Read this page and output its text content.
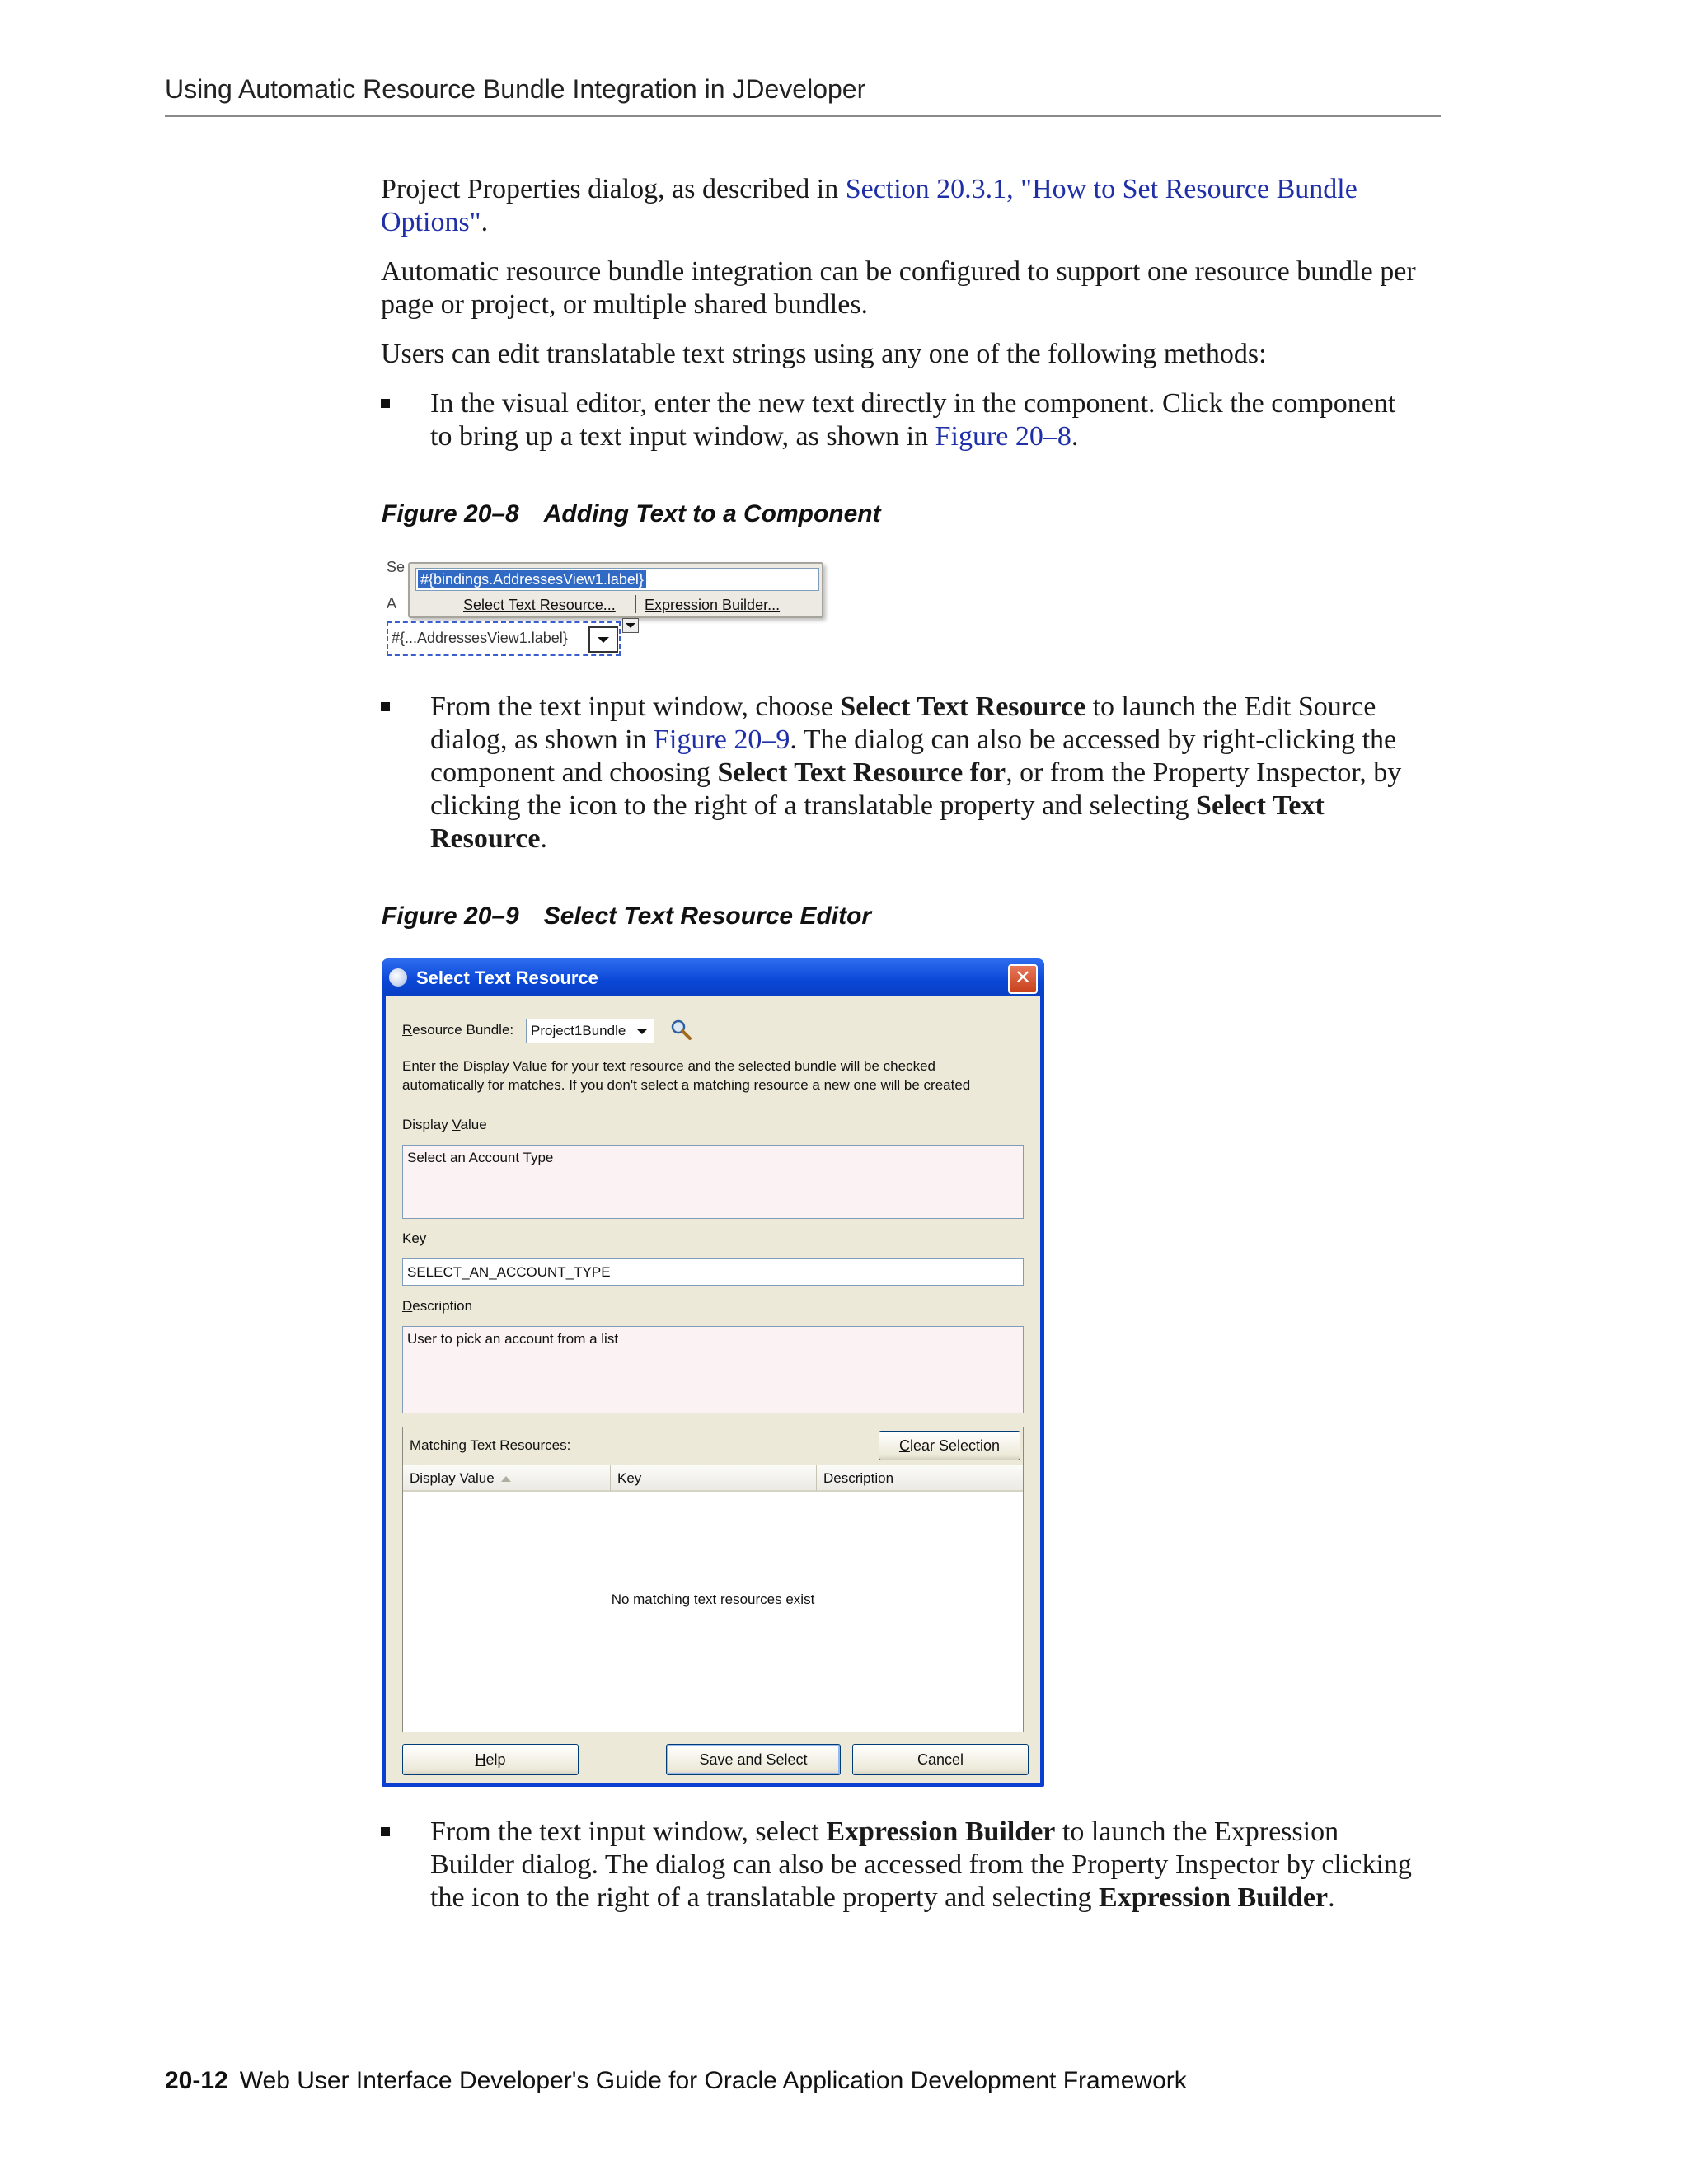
Using Automatic Resource Bundle Integration in JDeveloper

Project Properties dialog, as described in Section 20.3.1, "How to Set Resource Bundle Options".

Automatic resource bundle integration can be configured to support one resource bundle per page or project, or multiple shared bundles.

Users can edit translatable text strings using any one of the following methods:

In the visual editor, enter the new text directly in the component. Click the component to bring up a text input window, as shown in Figure 20–8.
Figure 20–8 Adding Text to a Component
Se
A
#{bindings.AddressesView1.label}
Select Text Resource... Expression Builder...
#{...AddressesView1.label}
From the text input window, choose Select Text Resource to launch the Edit Source dialog, as shown in Figure 20–9. The dialog can also be accessed by right-clicking the component and choosing Select Text Resource for, or from the Property Inspector, by clicking the icon to the right of a translatable property and selecting Select Text Resource.
Figure 20–9 Select Text Resource Editor
Select Text Resource	✕
Resource Bundle: Project1Bundle
Enter the Display Value for your text resource and the selected bundle will be checked
automatically for matches. If you don't select a matching resource a new one will be created
Display Value
Select an Account Type
Key
SELECT_AN_ACCOUNT_TYPE
Description
User to pick an account from a list
Matching Text Resources:	Clear Selection
Display Value	Key	Description
No matching text resources exist
Help	Save and Select	Cancel
From the text input window, select Expression Builder to launch the Expression Builder dialog. The dialog can also be accessed from the Property Inspector by clicking the icon to the right of a translatable property and selecting Expression Builder.
20-12 Web User Interface Developer's Guide for Oracle Application Development Framework
